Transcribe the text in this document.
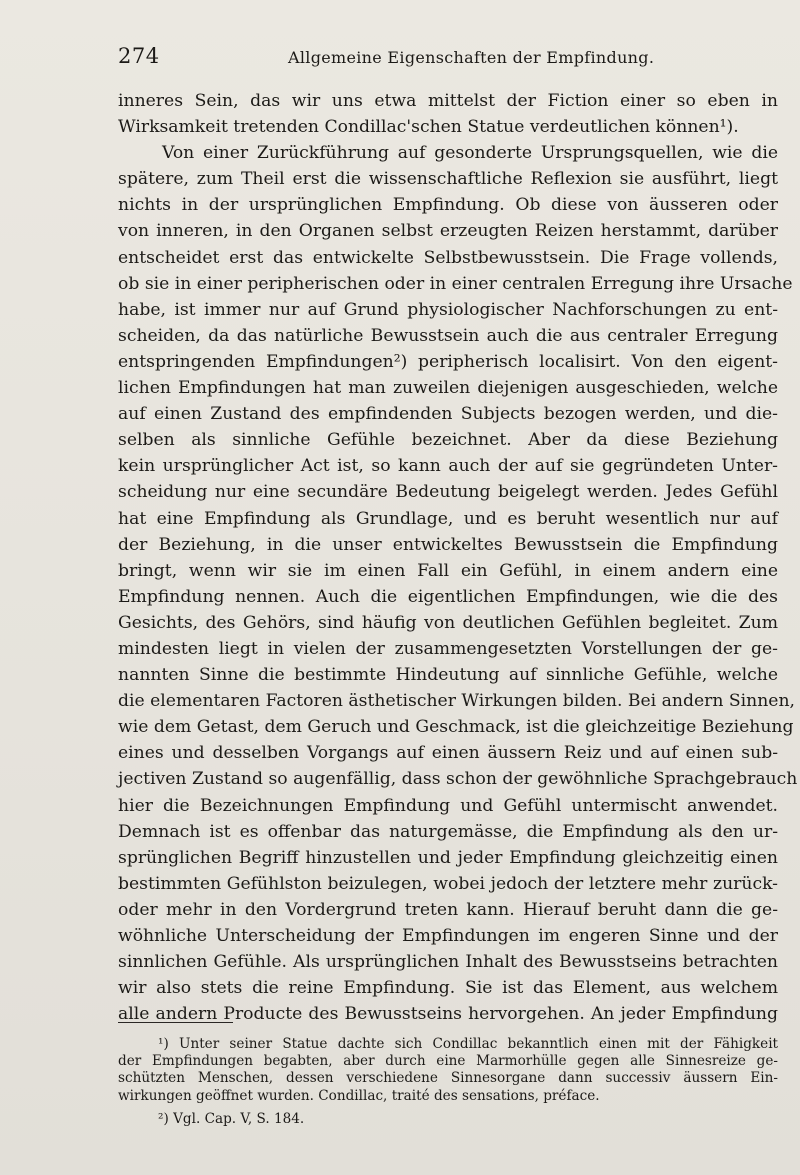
274	Allgemeine Eigenschaften der Empfindung.
inneres Sein, das wir uns etwa mittelst der Fiction einer so eben in
Wirksamkeit tretenden Condillac'schen Statue verdeutlichen können¹).
Von einer Zurückführung auf gesonderte Ursprungsquellen, wie die
spätere, zum Theil erst die wissenschaftliche Reflexion sie ausführt, liegt
nichts in der ursprünglichen Empfindung. Ob diese von äusseren oder
von inneren, in den Organen selbst erzeugten Reizen herstammt, darüber
entscheidet erst das entwickelte Selbstbewusstsein. Die Frage vollends,
ob sie in einer peripherischen oder in einer centralen Erregung ihre Ursache
habe, ist immer nur auf Grund physiologischer Nachforschungen zu ent-
scheiden, da das natürliche Bewusstsein auch die aus centraler Erregung
entspringenden Empfindungen²) peripherisch localisirt. Von den eigent-
lichen Empfindungen hat man zuweilen diejenigen ausgeschieden, welche
auf einen Zustand des empfindenden Subjects bezogen werden, und die-
selben als sinnliche Gefühle bezeichnet. Aber da diese Beziehung
kein ursprünglicher Act ist, so kann auch der auf sie gegründeten Unter-
scheidung nur eine secundäre Bedeutung beigelegt werden. Jedes Gefühl
hat eine Empfindung als Grundlage, und es beruht wesentlich nur auf
der Beziehung, in die unser entwickeltes Bewusstsein die Empfindung
bringt, wenn wir sie im einen Fall ein Gefühl, in einem andern eine
Empfindung nennen. Auch die eigentlichen Empfindungen, wie die des
Gesichts, des Gehörs, sind häufig von deutlichen Gefühlen begleitet. Zum
mindesten liegt in vielen der zusammengesetzten Vorstellungen der ge-
nannten Sinne die bestimmte Hindeutung auf sinnliche Gefühle, welche
die elementaren Factoren ästhetischer Wirkungen bilden. Bei andern Sinnen,
wie dem Getast, dem Geruch und Geschmack, ist die gleichzeitige Beziehung
eines und desselben Vorgangs auf einen äussern Reiz und auf einen sub-
jectiven Zustand so augenfällig, dass schon der gewöhnliche Sprachgebrauch
hier die Bezeichnungen Empfindung und Gefühl untermischt anwendet.
Demnach ist es offenbar das naturgemässe, die Empfindung als den ur-
sprünglichen Begriff hinzustellen und jeder Empfindung gleichzeitig einen
bestimmten Gefühlston beizulegen, wobei jedoch der letztere mehr zurück-
oder mehr in den Vordergrund treten kann. Hierauf beruht dann die ge-
wöhnliche Unterscheidung der Empfindungen im engeren Sinne und der
sinnlichen Gefühle. Als ursprünglichen Inhalt des Bewusstseins betrachten
wir also stets die reine Empfindung. Sie ist das Element, aus welchem
alle andern Producte des Bewusstseins hervorgehen. An jeder Empfindung
¹) Unter seiner Statue dachte sich Condillac bekanntlich einen mit der Fähigkeit
der Empfindungen begabten, aber durch eine Marmorhülle gegen alle Sinnesreize ge-
schützten Menschen, dessen verschiedene Sinnesorgane dann successiv äussern Ein-
wirkungen geöffnet wurden. Condillac, traité des sensations, préface.
²) Vgl. Cap. V, S. 184.
